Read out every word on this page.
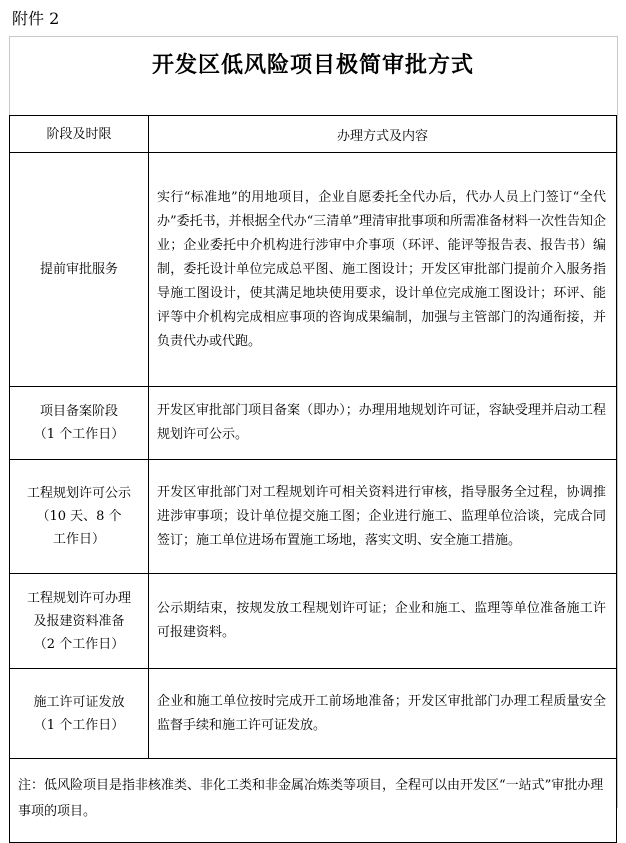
附件 2
开发区低风险项目极简审批方式
阶段及时限	办理方式及内容

提前审批服务	实行“标准地”的用地项目，企业自愿委托全代办后，代办人员上门签订“全代办”委托书，并根据全代办“三清单”理清审批事项和所需准备材料一次性告知企业；企业委托中介机构进行涉审中介事项（环评、能评等报告表、报告书）编制，委托设计单位完成总平图、施工图设计；开发区审批部门提前介入服务指导施工图设计，使其满足地块使用要求，设计单位完成施工图设计；环评、能评等中介机构完成相应事项的咨询成果编制，加强与主管部门的沟通衔接，并负责代办或代跑。

项目备案阶段
（1 个工作日）	开发区审批部门项目备案（即办）；办理用地规划许可证，容缺受理并启动工程规划许可公示。

工程规划许可公示
（10 天、8 个
工作日）	开发区审批部门对工程规划许可相关资料进行审核，指导服务全过程，协调推进涉审事项；设计单位提交施工图；企业进行施工、监理单位洽谈，完成合同签订；施工单位进场布置施工场地，落实文明、安全施工措施。

工程规划许可办理
及报建资料准备
（2 个工作日）	公示期结束，按规发放工程规划许可证；企业和施工、监理等单位准备施工许可报建资料。

施工许可证发放
（1 个工作日）	企业和施工单位按时完成开工前场地准备；开发区审批部门办理工程质量安全监督手续和施工许可证发放。
注：低风险项目是指非核准类、非化工类和非金属冶炼类等项目，全程可以由开发区“一站式”审批办理事项的项目。	
